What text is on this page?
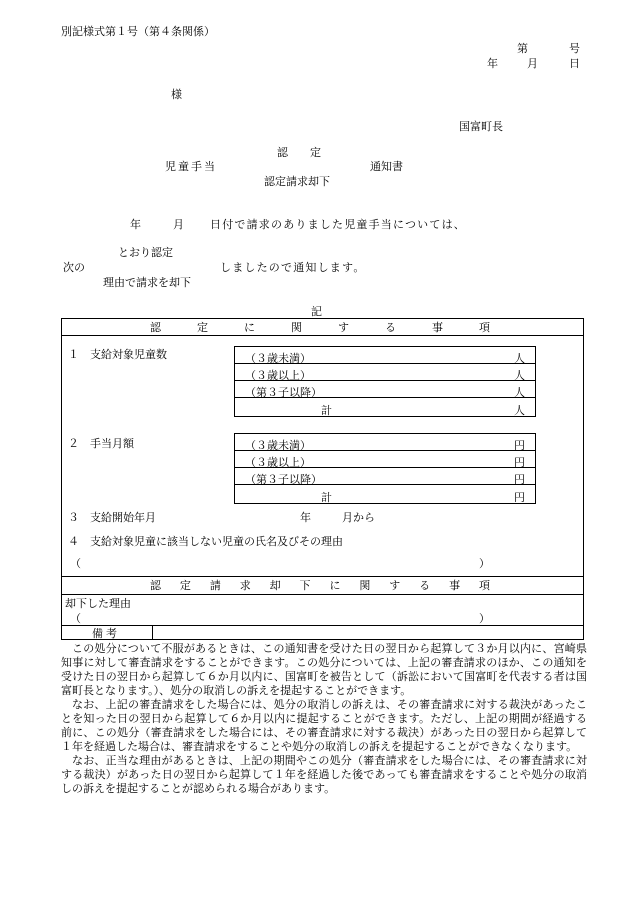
別記様式第１号（第４条関係）
第	号
年	月	日
様
国富町長
認　　定
児童手当	通知書
認定請求却下
年	月 日付で請求のありました児童手当については、
とおり認定
次の	しましたので通知します。
理由で請求を却下
記
認	定	に	関	す	る	事	項
１　支給対象児童数	（３歳未満）	人
（３歳以上）	人
（第３子以降）	人
計	人
２　手当月額	（３歳未満）	円
（３歳以上）	円
（第３子以降）	円
計	円
３　支給開始年月	年	月から
４　支給対象児童に該当しない児童の氏名及びその理由
（	）
認 定 請 求 却 下 に 関 す る 事 項
却下した理由
（	）
備考

この処分について不服があるときは、この通知書を受けた日の翌日から起算して３か月以内に、宮崎県知事に対して審査請求をすることができます。この処分については、上記の審査請求のほか、この通知を受けた日の翌日から起算して６か月以内に、国富町を被告として（訴訟において国富町を代表する者は国富町長となります。）、処分の取消しの訴えを提起することができます。

なお、上記の審査請求をした場合には、処分の取消しの訴えは、その審査請求に対する裁決があったことを知った日の翌日から起算して６か月以内に提起することができます。ただし、上記の期間が経過する前に、この処分（審査請求をした場合には、その審査請求に対する裁決）があった日の翌日から起算して１年を経過した場合は、審査請求をすることや処分の取消しの訴えを提起することができなくなります。

なお、正当な理由があるときは、上記の期間やこの処分（審査請求をした場合には、その審査請求に対する裁決）があった日の翌日から起算して１年を経過した後であっても審査請求をすることや処分の取消しの訴えを提起することが認められる場合があります。
